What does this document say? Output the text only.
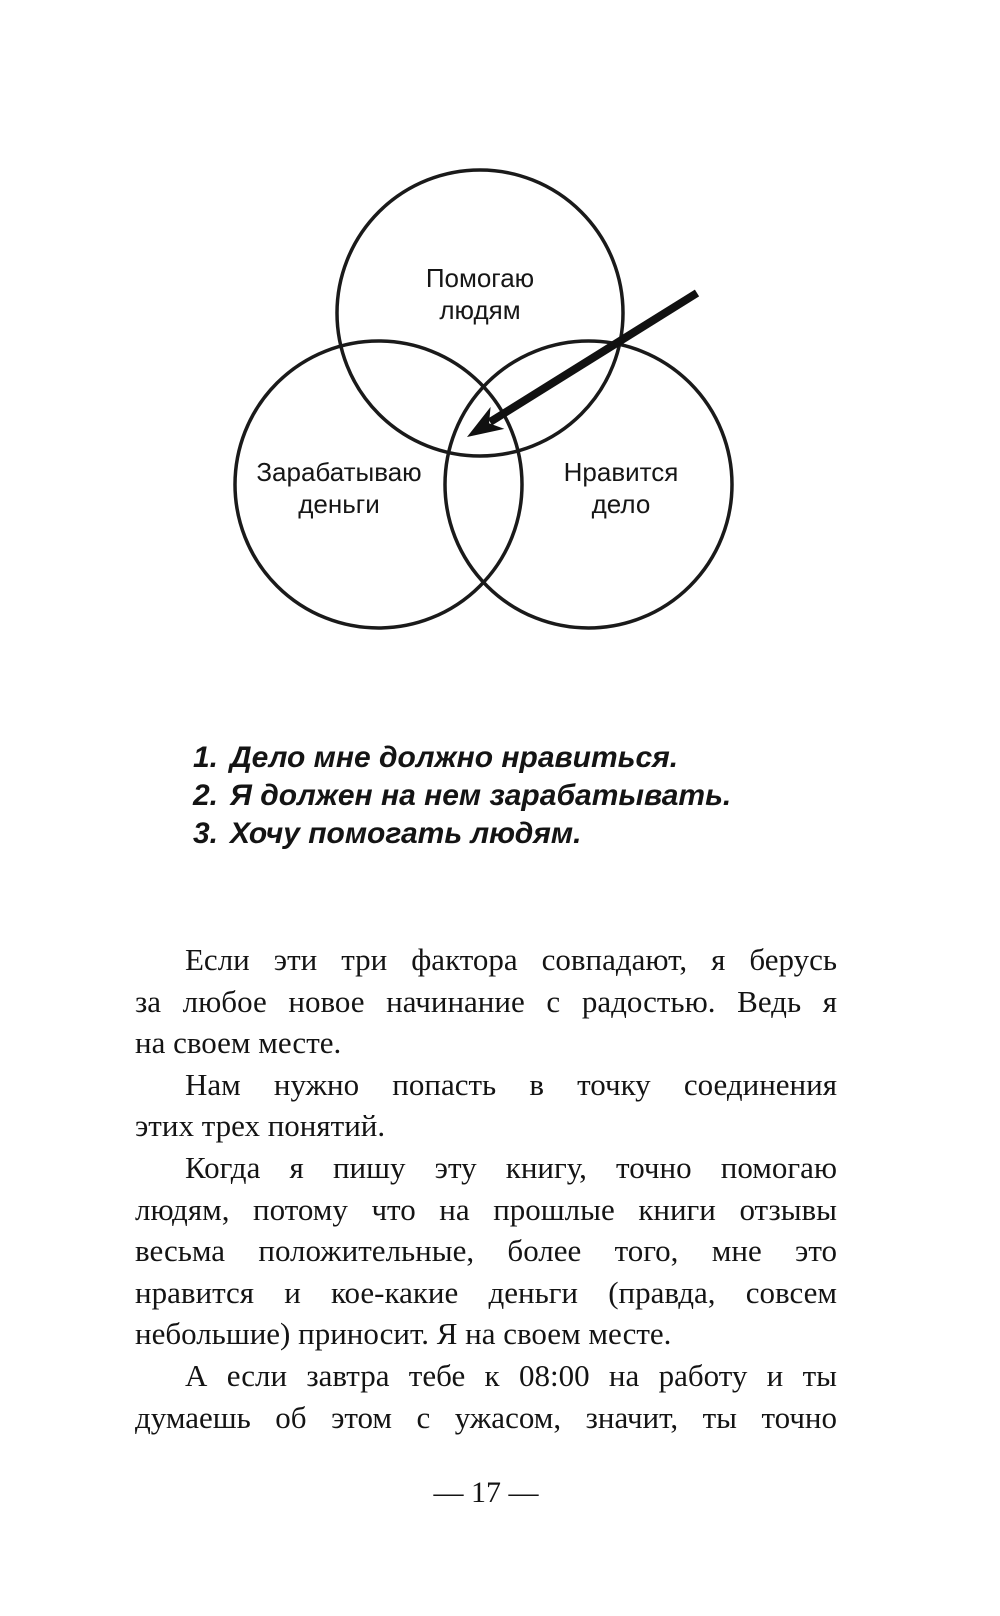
Помогаю
людям
Зарабатываю
деньги
Нравится
дело
1. Дело мне должно нравиться.
2. Я должен на нем зарабатывать.
3. Хочу помогать людям.
Если эти три фактора совпадают, я берусь
за любое новое начинание с радостью. Ведь я
на своем месте.
Нам нужно попасть в точку соединения
этих трех понятий.
Когда я пишу эту книгу, точно помогаю
людям, потому что на прошлые книги отзывы
весьма положительные, более того, мне это
нравится и кое-какие деньги (правда, совсем
небольшие) приносит. Я на своем месте.
А если завтра тебе к 08:00 на работу и ты
думаешь об этом с ужасом, значит, ты точно
— 17 —
